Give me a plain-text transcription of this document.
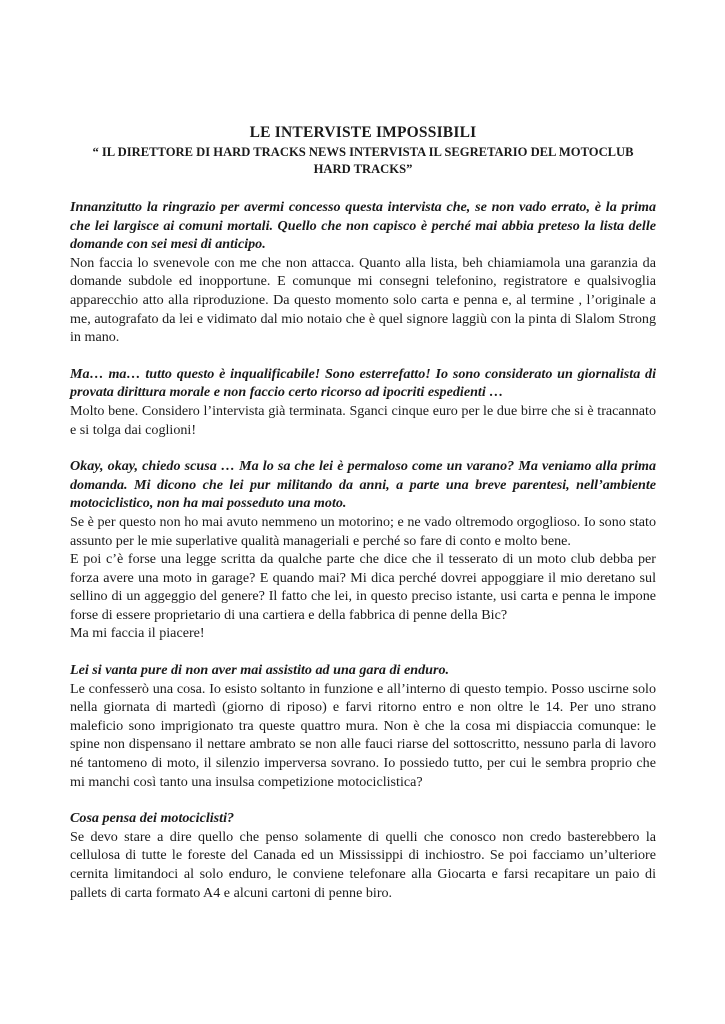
LE INTERVISTE IMPOSSIBILI

“ IL DIRETTORE DI HARD TRACKS NEWS INTERVISTA IL SEGRETARIO DEL MOTOCLUB HARD TRACKS”

Innanzitutto la ringrazio per avermi concesso questa intervista che, se non vado errato, è la prima che lei largisce ai comuni mortali. Quello che non capisco è perché mai abbia preteso la lista delle domande con sei mesi di anticipo.

Non faccia lo svenevole con me che non attacca. Quanto alla lista, beh chiamiamola una garanzia da domande subdole ed inopportune. E comunque mi consegni telefonino, registratore e qualsivoglia apparecchio atto alla riproduzione. Da questo momento solo carta e penna e, al termine , l’originale a me, autografato da lei e vidimato dal mio notaio che è quel signore laggiù con la pinta di Slalom Strong in mano.

Ma… ma… tutto questo è inqualificabile! Sono esterrefatto! Io sono considerato un giornalista di provata dirittura morale e non faccio certo ricorso ad ipocriti espedienti …

Molto bene. Considero l’intervista già terminata. Sganci cinque euro per le due birre che si è tracannato e si tolga dai coglioni!

Okay, okay, chiedo scusa … Ma lo sa che lei è permaloso come un varano? Ma veniamo alla prima domanda. Mi dicono che lei pur militando da anni, a parte una breve parentesi, nell’ambiente motociclistico, non ha mai posseduto una moto.

Se è per questo non ho mai avuto nemmeno un motorino; e ne vado oltremodo orgoglioso. Io sono stato assunto per le mie superlative qualità manageriali e perché so fare di conto e molto bene.

E poi c’è forse una legge scritta da qualche parte che dice che il tesserato di un moto club debba per forza avere una moto in garage? E quando mai? Mi dica perché dovrei appoggiare il mio deretano sul sellino di un aggeggio del genere? Il fatto che lei, in questo preciso istante, usi carta e penna le impone forse di essere proprietario di una cartiera e della fabbrica di penne della Bic?

Ma mi faccia il piacere!

Lei si vanta pure di non aver mai assistito ad una gara di enduro.

Le confesserò una cosa. Io esisto soltanto in funzione e all’interno di questo tempio. Posso uscirne solo nella giornata di martedì (giorno di riposo) e farvi ritorno entro e non oltre le 14. Per uno strano maleficio sono imprigionato tra queste quattro mura. Non è che la cosa mi dispiaccia comunque: le spine non dispensano il nettare ambrato se non alle fauci riarse del sottoscritto, nessuno parla di lavoro né tantomeno di moto, il silenzio imperversa sovrano. Io possiedo tutto, per cui le sembra proprio che mi manchi così tanto una insulsa competizione motociclistica?

Cosa pensa dei motociclisti?

Se devo stare a dire quello che penso solamente di quelli che conosco non credo basterebbero la cellulosa di tutte le foreste del Canada ed un Mississippi di inchiostro. Se poi facciamo un’ulteriore cernita limitandoci al solo enduro, le conviene telefonare alla Giocarta e farsi recapitare un paio di pallets di carta formato A4 e alcuni cartoni di penne biro.
